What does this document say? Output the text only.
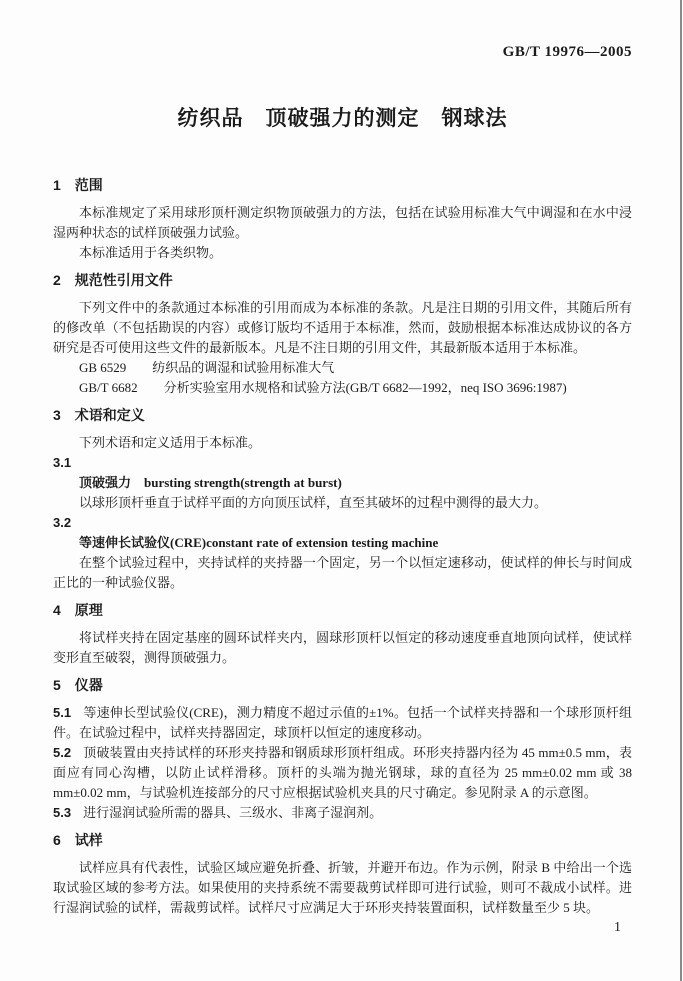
GB/T 19976—2005
纺织品　顶破强力的测定　钢球法
1　范围

本标准规定了采用球形顶杆测定织物顶破强力的方法，包括在试验用标准大气中调湿和在水中浸湿两种状态的试样顶破强力试验。

本标准适用于各类织物。

2　规范性引用文件

下列文件中的条款通过本标准的引用而成为本标准的条款。凡是注日期的引用文件，其随后所有的修改单（不包括勘误的内容）或修订版均不适用于本标准，然而，鼓励根据本标准达成协议的各方研究是否可使用这些文件的最新版本。凡是不注日期的引用文件，其最新版本适用于本标准。

GB 6529　　纺织品的调湿和试验用标准大气

GB/T 6682　　分析实验室用水规格和试验方法(GB/T 6682—1992，neq ISO 3696:1987)

3　术语和定义

下列术语和定义适用于本标准。

3.1

顶破强力　bursting strength(strength at burst)

以球形顶杆垂直于试样平面的方向顶压试样，直至其破坏的过程中测得的最大力。

3.2

等速伸长试验仪(CRE)constant rate of extension testing machine

在整个试验过程中，夹持试样的夹持器一个固定，另一个以恒定速移动，使试样的伸长与时间成正比的一种试验仪器。

4　原理

将试样夹持在固定基座的圆环试样夹内，圆球形顶杆以恒定的移动速度垂直地顶向试样，使试样变形直至破裂，测得顶破强力。

5　仪器

5.1 等速伸长型试验仪(CRE)，测力精度不超过示值的±1%。包括一个试样夹持器和一个球形顶杆组件。在试验过程中，试样夹持器固定，球顶杆以恒定的速度移动。

5.2 顶破装置由夹持试样的环形夹持器和钢质球形顶杆组成。环形夹持器内径为 45 mm±0.5 mm，表面应有同心沟槽，以防止试样滑移。顶杆的头端为抛光钢球，球的直径为 25 mm±0.02 mm 或 38 mm±0.02 mm，与试验机连接部分的尺寸应根据试验机夹具的尺寸确定。参见附录 A 的示意图。

5.3 进行湿润试验所需的器具、三级水、非离子湿润剂。

6　试样

试样应具有代表性，试验区域应避免折叠、折皱，并避开布边。作为示例，附录 B 中给出一个选取试验区域的参考方法。如果使用的夹持系统不需要裁剪试样即可进行试验，则可不裁成小试样。进行湿润试验的试样，需裁剪试样。试样尺寸应满足大于环形夹持装置面积，试样数量至少 5 块。

1
